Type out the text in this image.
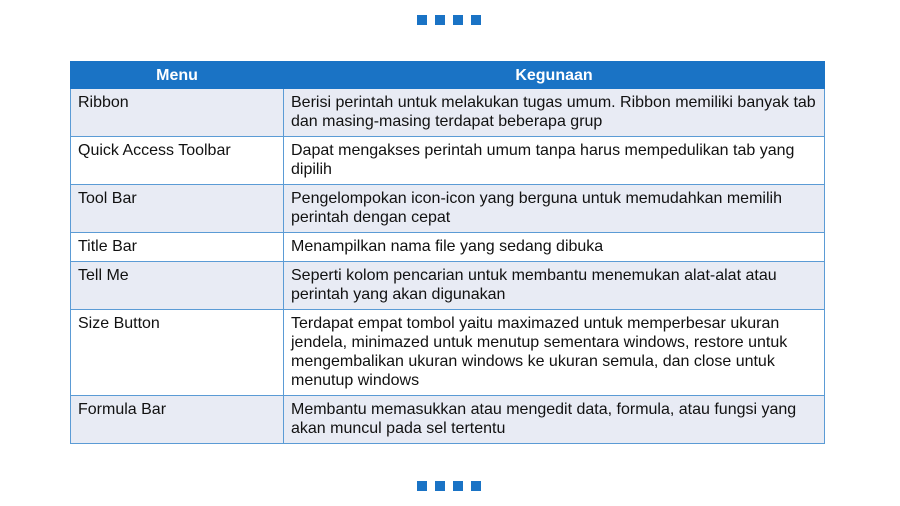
Menu	Kegunaan
Ribbon	Berisi perintah untuk melakukan tugas umum. Ribbon memiliki banyak tab dan masing-masing terdapat beberapa grup
Quick Access Toolbar	Dapat mengakses perintah umum tanpa harus mempedulikan tab yang dipilih
Tool Bar	Pengelompokan icon-icon yang berguna untuk memudahkan memilih perintah dengan cepat
Title Bar	Menampilkan nama file yang sedang dibuka
Tell Me	Seperti kolom pencarian untuk membantu menemukan alat-alat atau perintah yang akan digunakan
Size Button	Terdapat empat tombol yaitu maximazed untuk memperbesar ukuran jendela, minimazed untuk menutup sementara windows, restore untuk mengembalikan ukuran windows ke ukuran semula, dan close untuk menutup windows
Formula Bar	Membantu memasukkan atau mengedit data, formula, atau fungsi yang akan muncul pada sel tertentu
